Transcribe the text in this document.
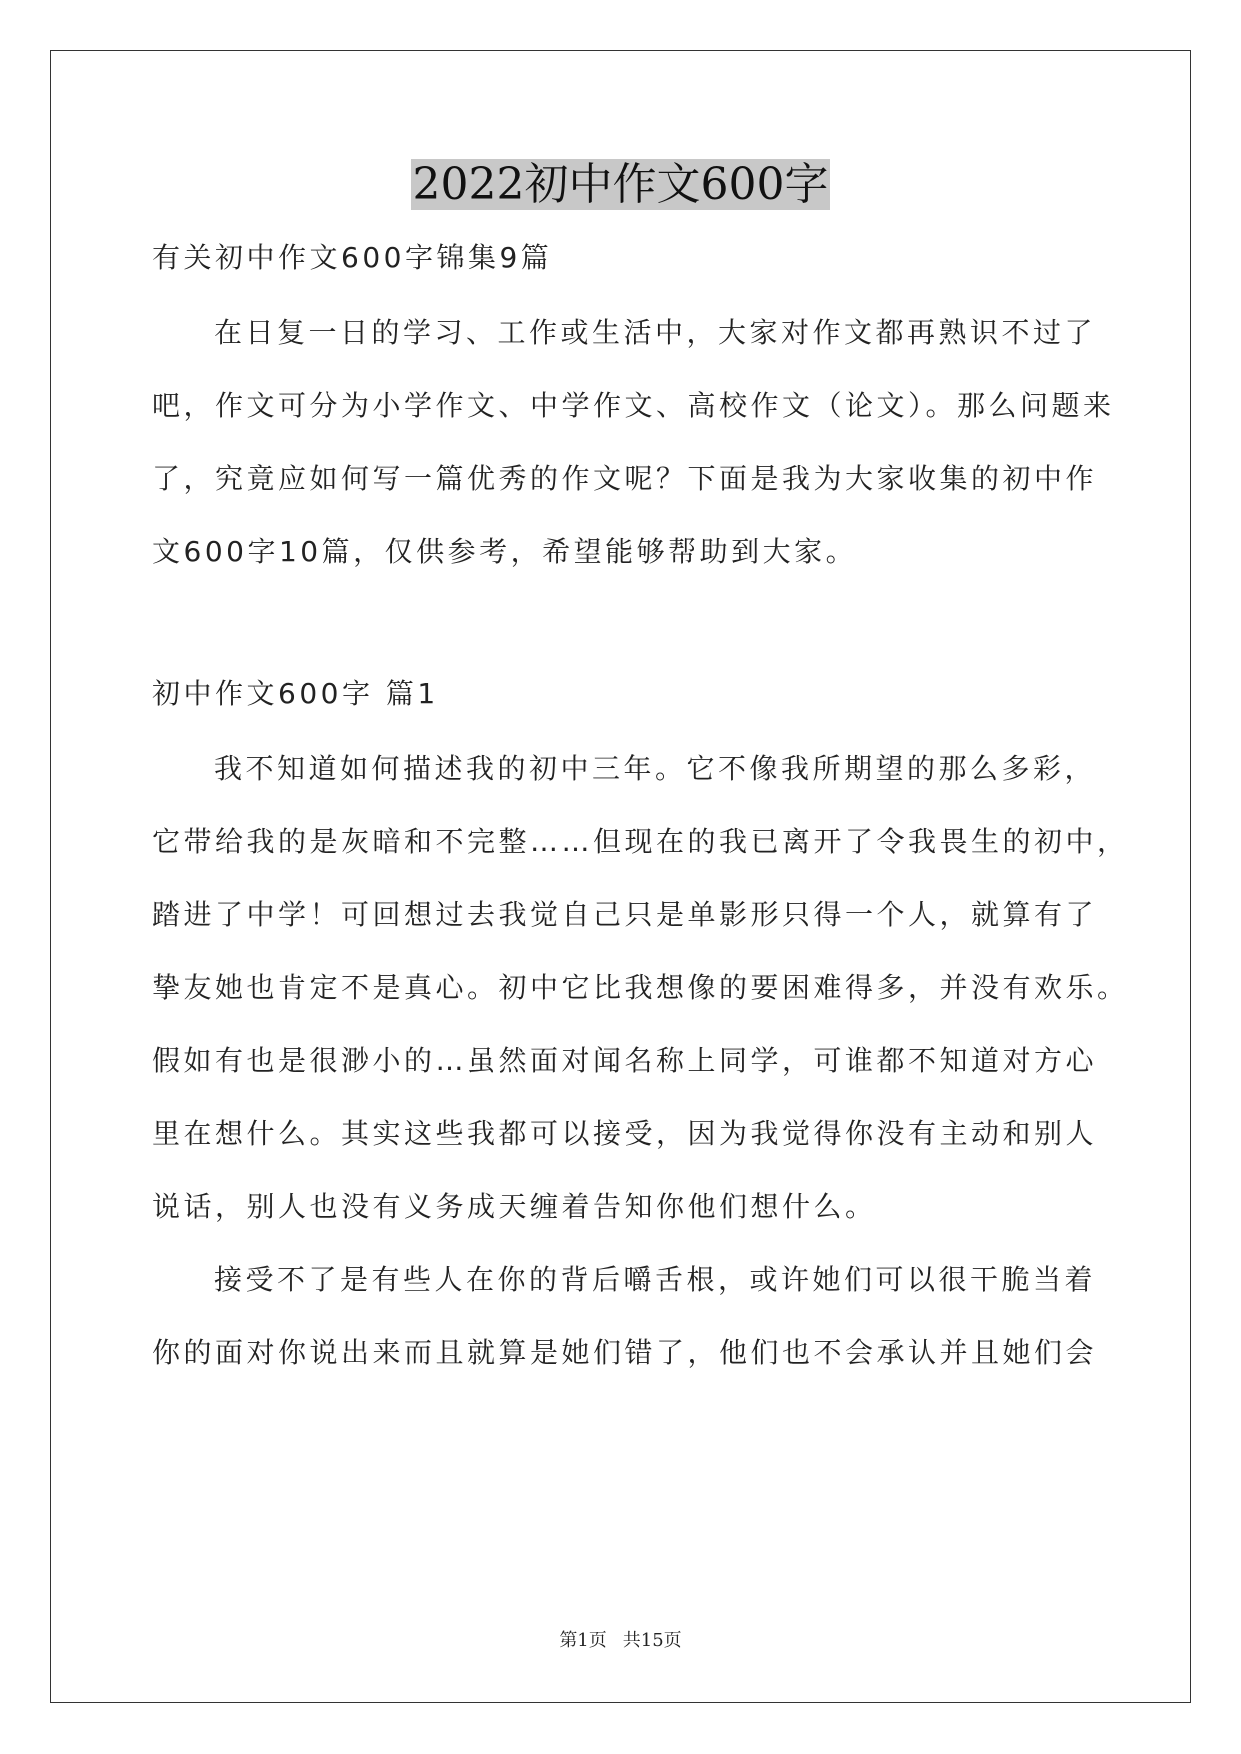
2022初中作文600字
有关初中作文600字锦集9篇
在日复一日的学习、工作或生活中，大家对作文都再熟识不过了
吧，作文可分为小学作文、中学作文、高校作文（论文）。那么问题来
了，究竟应如何写一篇优秀的作文呢？下面是我为大家收集的初中作
文600字10篇，仅供参考，希望能够帮助到大家。
初中作文600字 篇1
我不知道如何描述我的初中三年。它不像我所期望的那么多彩，
它带给我的是灰暗和不完整……但现在的我已离开了令我畏生的初中，
踏进了中学！可回想过去我觉自己只是单影形只得一个人，就算有了
挚友她也肯定不是真心。初中它比我想像的要困难得多，并没有欢乐。
假如有也是很渺小的…虽然面对闻名称上同学，可谁都不知道对方心
里在想什么。其实这些我都可以接受，因为我觉得你没有主动和别人
说话，别人也没有义务成天缠着告知你他们想什么。
接受不了是有些人在你的背后嚼舌根，或许她们可以很干脆当着
你的面对你说出来而且就算是她们错了，他们也不会承认并且她们会
第1页 共15页
